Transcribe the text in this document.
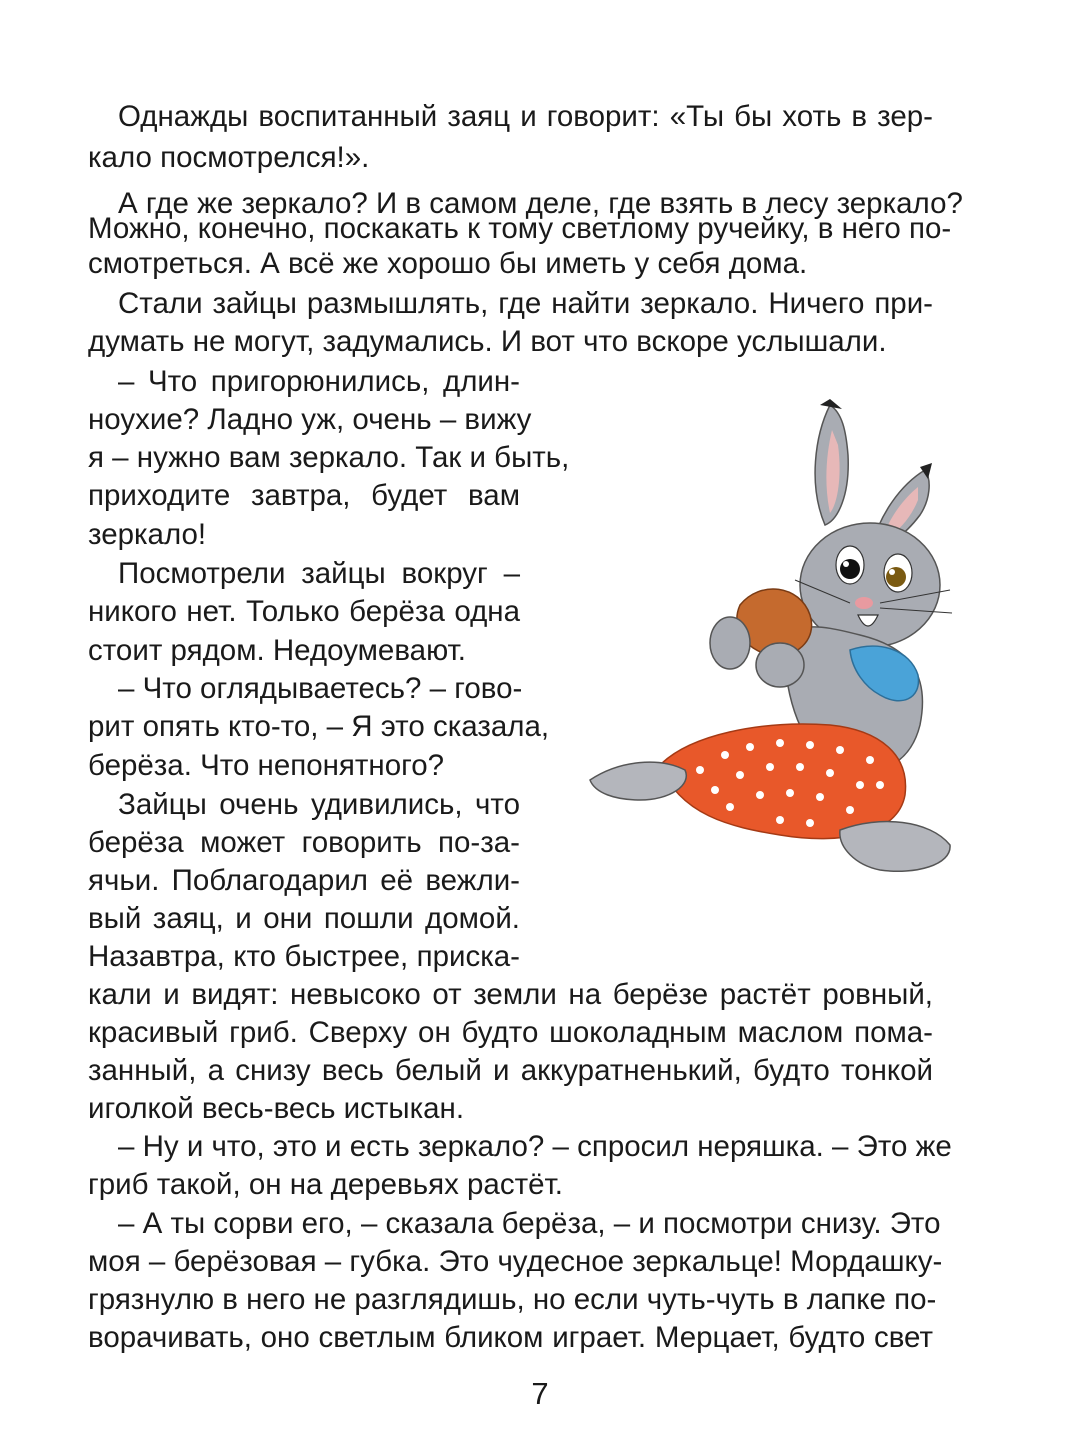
Однажды воспитанный заяц и говорит: «Ты бы хоть в зер-
кало посмотрелся!».
А где же зеркало? И в самом деле, где взять в лесу зеркало?
Можно, конечно, поскакать к тому светлому ручейку, в него по-
смотреться. А всё же хорошо бы иметь у себя дома.
Стали зайцы размышлять, где найти зеркало. Ничего при-
думать не могут, задумались. И вот что вскоре услышали.
– Что пригорюнились, длин-
ноухие? Ладно уж, очень – вижу
я – нужно вам зеркало. Так и быть,
приходите завтра, будет вам
зеркало!
Посмотрели зайцы вокруг –
никого нет. Только берёза одна
стоит рядом. Недоумевают.
– Что оглядываетесь? – гово-
рит опять кто-то, – Я это сказала,
берёза. Что непонятного?
Зайцы очень удивились, что
берёза может говорить по-за-
ячьи. Поблагодарил её вежли-
вый заяц, и они пошли домой.
Назавтра, кто быстрее, приска-
кали и видят: невысоко от земли на берёзе растёт ровный,
красивый гриб. Сверху он будто шоколадным маслом пома-
занный, а снизу весь белый и аккуратненький, будто тонкой
иголкой весь-весь истыкан.
– Ну и что, это и есть зеркало? – спросил неряшка. – Это же
гриб такой, он на деревьях растёт.
– А ты сорви его, – сказала берёза, – и посмотри снизу. Это
моя – берёзовая – губка. Это чудесное зеркальце! Мордашку-
грязнулю в него не разглядишь, но если чуть-чуть в лапке по-
ворачивать, оно светлым бликом играет. Мерцает, будто свет
7
